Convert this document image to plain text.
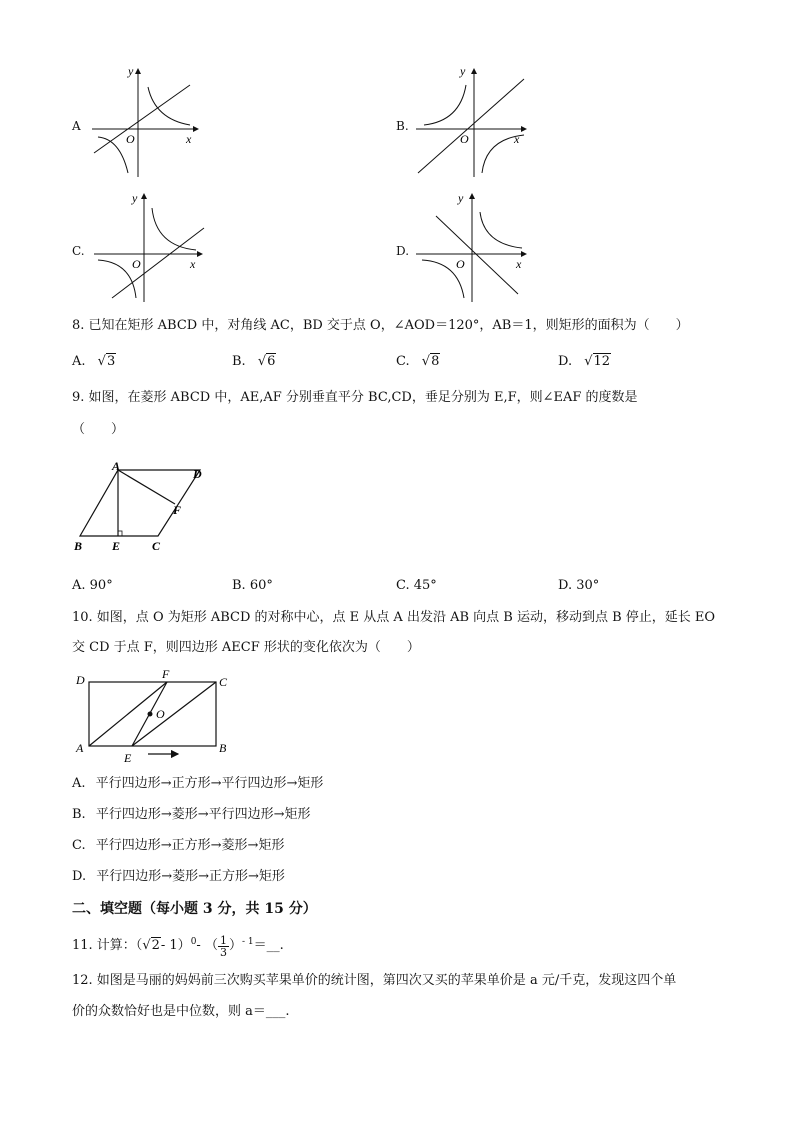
A
y
x
O
B.
y
x
O
C.
y
x
O
D.
y
x
O
8. 已知在矩形 ABCD 中，对角线 AC，BD 交于点 O，∠AOD＝120°，AB＝1，则矩形的面积为（　　）
A. √3	B. √6	C. √8	D. √12
9. 如图，在菱形 ABCD 中，AE,AF 分别垂直平分 BC,CD，垂足分别为 E,F，则∠EAF 的度数是
（　　）
A
D
F
B E	C
A. 90°	B. 60°	C. 45°	D. 30°
10. 如图，点 O 为矩形 ABCD 的对称中心，点 E 从点 A 出发沿 AB 向点 B 运动，移动到点 B 停止，延长 EO
交 CD 于点 F，则四边形 AECF 形状的变化依次为（　　）
D	F
C
O
A	B
E
A. 平行四边形→正方形→平行四边形→矩形
B. 平行四边形→菱形→平行四边形→矩形
C. 平行四边形→正方形→菱形→矩形
D. 平行四边形→菱形→正方形→矩形
二、填空题（每小题 3 分，共 15 分）
11. 计算：（ √2 - 1）$^0$ - （ $\frac{1}{3} )^{- 1}$ ＝__.
12. 如图是马丽的妈妈前三次购买苹果单价的统计图，第四次又买的苹果单价是 a 元/千克，发现这四个单
价的众数恰好也是中位数，则 a＝___.
